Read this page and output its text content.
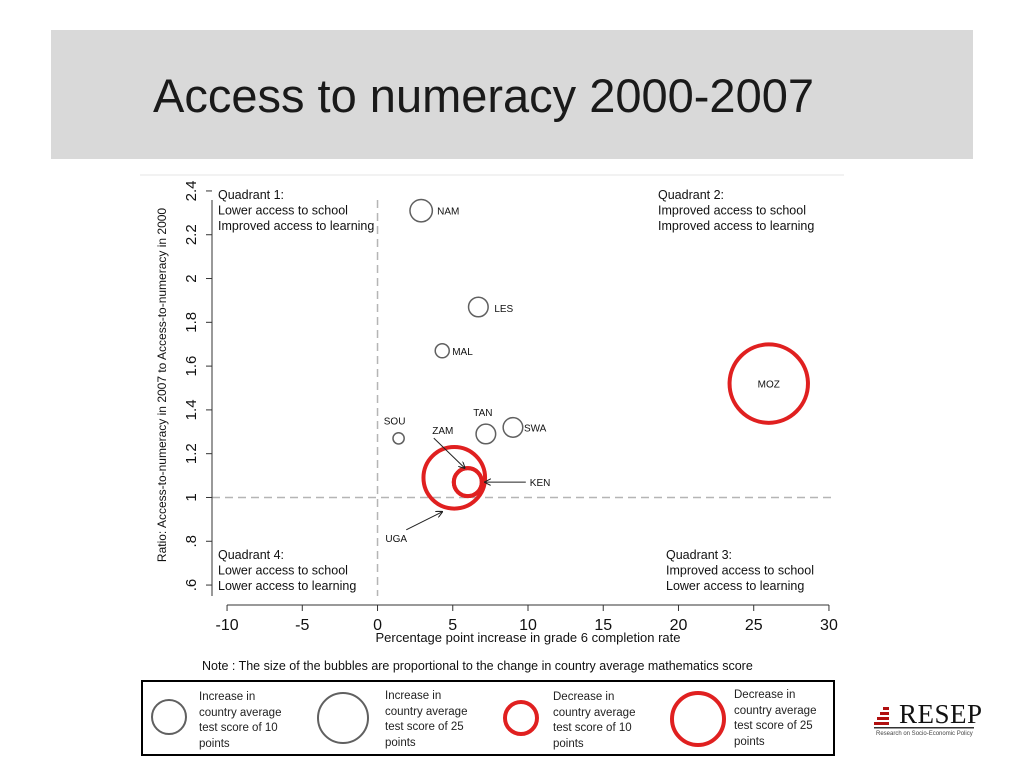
Access to numeracy 2000-2007
.6
.8
1
1.2
1.4
1.6
1.8
2
2.2
2.4
-10	-5	0	5	10	15	20	25	30
Percentage point increase in grade 6 completion rate
Ratio: Access-to-numeracy in 2007 to Access-to-numeracy in 2000
Note : The size of the bubbles are proportional to the change in country average mathematics score
Quadrant 1:
Lower access to school
Improved access to learning
Quadrant 2:
Improved access to school
Improved access to learning
Quadrant 3:
Improved access to school
Lower access to learning
Quadrant 4:
Lower access to school
Lower access to learning
NAM
LES
MAL
SOU
TAN
SWA
ZAM
KEN
UGA
MOZ
Increase in
country average
test score of 10
points
Increase in
country average
test score of 25
points
Decrease in
country average
test score of 10
points
Decrease in
country average
test score of 25
points
RESEP
Research on Socio-Economic Policy
